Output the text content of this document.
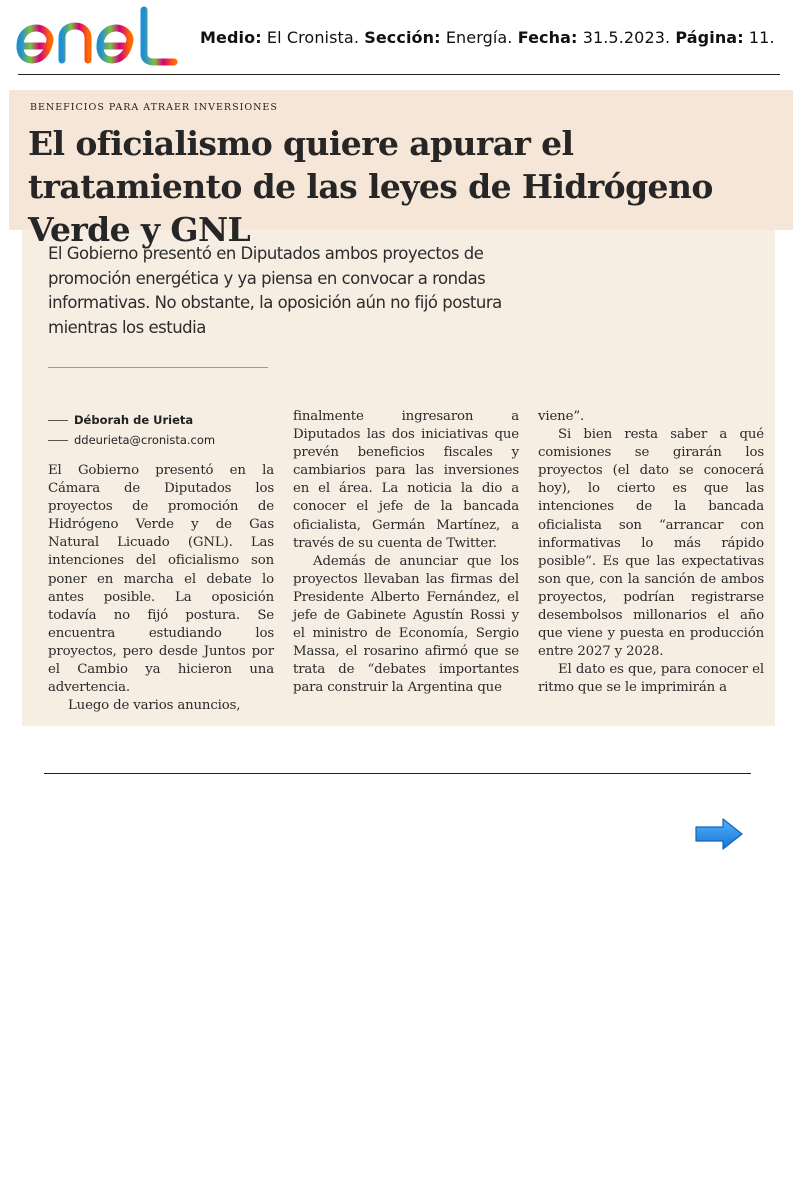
Medio: El Cronista. Sección: Energía. Fecha: 31.5.2023. Página: 11.
BENEFICIOS PARA ATRAER INVERSIONES
El oficialismo quiere apurar el tratamiento de las leyes de Hidrógeno Verde y GNL
El Gobierno presentó en Diputados ambos proyectos de promoción energética y ya piensa en convocar a rondas informativas. No obstante, la oposición aún no fijó postura mientras los estudia
Déborah de Urieta
ddeurieta@cronista.com

El Gobierno presentó en la Cámara de Diputados los proyectos de promoción de Hidrógeno Verde y de Gas Natural Licuado (GNL). Las intenciones del oficialismo son poner en marcha el debate lo antes posible. La oposición todavía no fijó postura. Se encuentra estudiando los proyectos, pero desde Juntos por el Cambio ya hicieron una advertencia.

Luego de varios anuncios,

finalmente ingresaron a Diputados las dos iniciativas que prevén beneficios fiscales y cambiarios para las inversiones en el área. La noticia la dio a conocer el jefe de la bancada oficialista, Germán Martínez, a través de su cuenta de Twitter.

Además de anunciar que los proyectos llevaban las firmas del Presidente Alberto Fernández, el jefe de Gabinete Agustín Rossi y el ministro de Economía, Sergio Massa, el rosarino afirmó que se trata de “debates importantes para construir la Argentina que

viene”.

Si bien resta saber a qué comisiones se girarán los proyectos (el dato se conocerá hoy), lo cierto es que las intenciones de la bancada oficialista son “arrancar con informativas lo más rápido posible”. Es que las expectativas son que, con la sanción de ambos proyectos, podrían registrarse desembolsos millonarios el año que viene y puesta en producción entre 2027 y 2028.

El dato es que, para conocer el ritmo que se le imprimirán a
